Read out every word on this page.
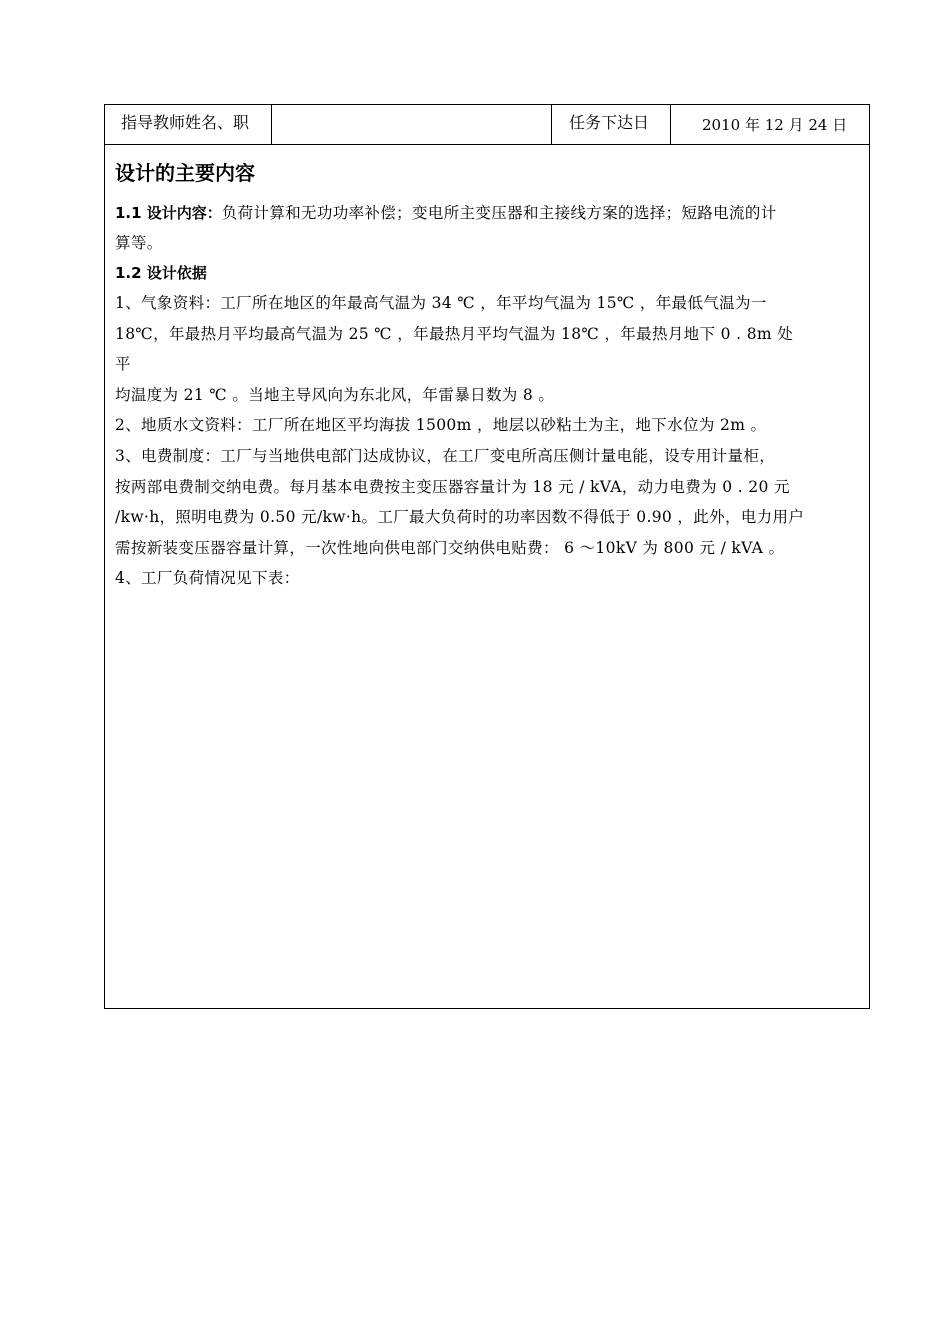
指导教师姓名、职	任务下达日	2010 年 12 月 24 日
设计的主要内容
1.1 设计内容：负荷计算和无功功率补偿；变电所主变压器和主接线方案的选择；短路电流的计
算等。
1.2 设计依据
1、气象资料：工厂所在地区的年最高气温为 34 ℃ ，年平均气温为 15℃ ，年最低气温为一
18℃，年最热月平均最高气温为 25 ℃ ，年最热月平均气温为 18℃ ，年最热月地下 0 . 8m 处
平
均温度为 21 ℃ 。当地主导风向为东北风，年雷暴日数为 8 。
2、地质水文资料：工厂所在地区平均海拔 1500m ，地层以砂粘土为主，地下水位为 2m 。
3、电费制度：工厂与当地供电部门达成协议，在工厂变电所高压侧计量电能，设专用计量柜，
按两部电费制交纳电费。每月基本电费按主变压器容量计为 18 元 / kVA，动力电费为 0 . 20 元
/kw·h，照明电费为 0.50 元/kw·h。工厂最大负荷时的功率因数不得低于 0.90 ，此外，电力用户
需按新装变压器容量计算，一次性地向供电部门交纳供电贴费： 6 ～10kV 为 800 元 / kVA 。
4、工厂负荷情况见下表：
